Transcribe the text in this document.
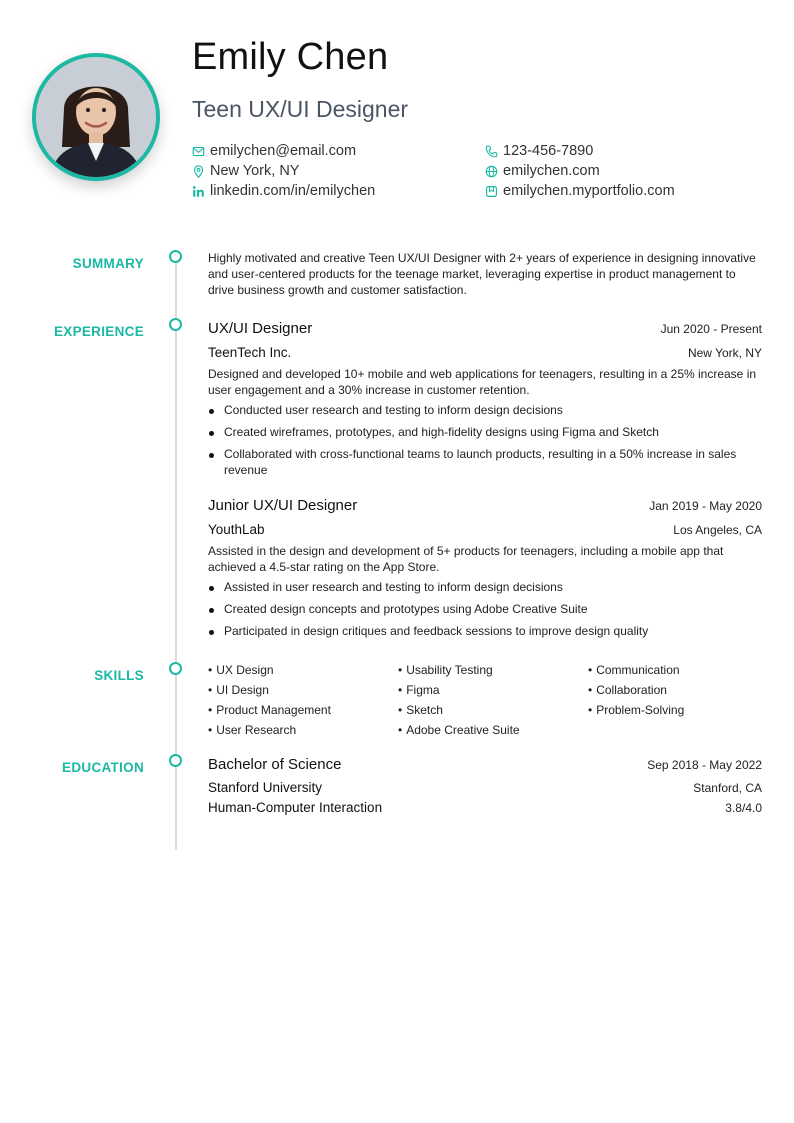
Emily Chen
Teen UX/UI Designer
emilychen@email.com	123-456-7890
New York, NY	emilychen.com
linkedin.com/in/emilychen	emilychen.myportfolio.com
SUMMARY	Highly motivated and creative Teen UX/UI Designer with 2+ years of experience in designing innovative and user-centered products for the teenage market, leveraging expertise in product management to drive business growth and customer satisfaction.
EXPERIENCE	UX/UI Designer	Jun 2020 - Present
TeenTech Inc.	New York, NY
Designed and developed 10+ mobile and web applications for teenagers, resulting in a 25% increase in user engagement and a 30% increase in customer retention.
Conducted user research and testing to inform design decisions
Created wireframes, prototypes, and high-fidelity designs using Figma and Sketch
Collaborated with cross-functional teams to launch products, resulting in a 50% increase in sales revenue
Junior UX/UI Designer	Jan 2019 - May 2020
YouthLab	Los Angeles, CA
Assisted in the design and development of 5+ products for teenagers, including a mobile app that achieved a 4.5-star rating on the App Store.
Assisted in user research and testing to inform design decisions
Created design concepts and prototypes using Adobe Creative Suite
Participated in design critiques and feedback sessions to improve design quality
SKILLS	• UX Design	• Usability Testing	• Communication
• UI Design	• Figma	• Collaboration
• Product Management	• Sketch	• Problem-Solving
• User Research	• Adobe Creative Suite
EDUCATION	Bachelor of Science	Sep 2018 - May 2022
Stanford University	Stanford, CA
Human-Computer Interaction	3.8/4.0
